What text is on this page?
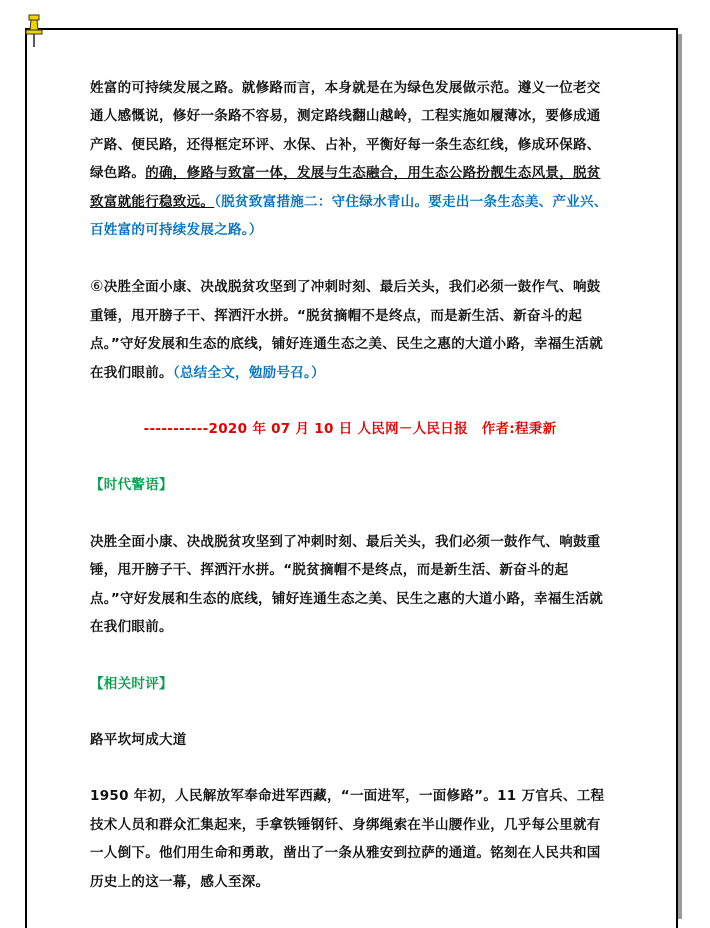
姓富的可持续发展之路。就修路而言，本身就是在为绿色发展做示范。遵义一位老交通人感慨说，修好一条路不容易，测定路线翻山越岭，工程实施如履薄冰，要修成通产路、便民路，还得框定环评、水保、占补，平衡好每一条生态红线，修成环保路、绿色路。的确，修路与致富一体，发展与生态融合，用生态公路扮靓生态风景，脱贫致富就能行稳致远。（脱贫致富措施二：守住绿水青山。要走出一条生态美、产业兴、百姓富的可持续发展之路。）

⑥决胜全面小康、决战脱贫攻坚到了冲刺时刻、最后关头，我们必须一鼓作气、响鼓重锤，甩开膀子干、挥洒汗水拼。“脱贫摘帽不是终点，而是新生活、新奋斗的起点。”守好发展和生态的底线，铺好连通生态之美、民生之惠的大道小路，幸福生活就在我们眼前。（总结全文，勉励号召。）

-----------2020 年 07 月 10 日 人民网－人民日报　作者:程秉新

【时代警语】

决胜全面小康、决战脱贫攻坚到了冲刺时刻、最后关头，我们必须一鼓作气、响鼓重锤，甩开膀子干、挥洒汗水拼。“脱贫摘帽不是终点，而是新生活、新奋斗的起点。”守好发展和生态的底线，铺好连通生态之美、民生之惠的大道小路，幸福生活就在我们眼前。

【相关时评】

路平坎坷成大道

1950 年初，人民解放军奉命进军西藏，“一面进军，一面修路”。11 万官兵、工程技术人员和群众汇集起来，手拿铁锤钢钎、身绑绳索在半山腰作业，几乎每公里就有一人倒下。他们用生命和勇敢，凿出了一条从雅安到拉萨的通道。铭刻在人民共和国历史上的这一幕，感人至深。
